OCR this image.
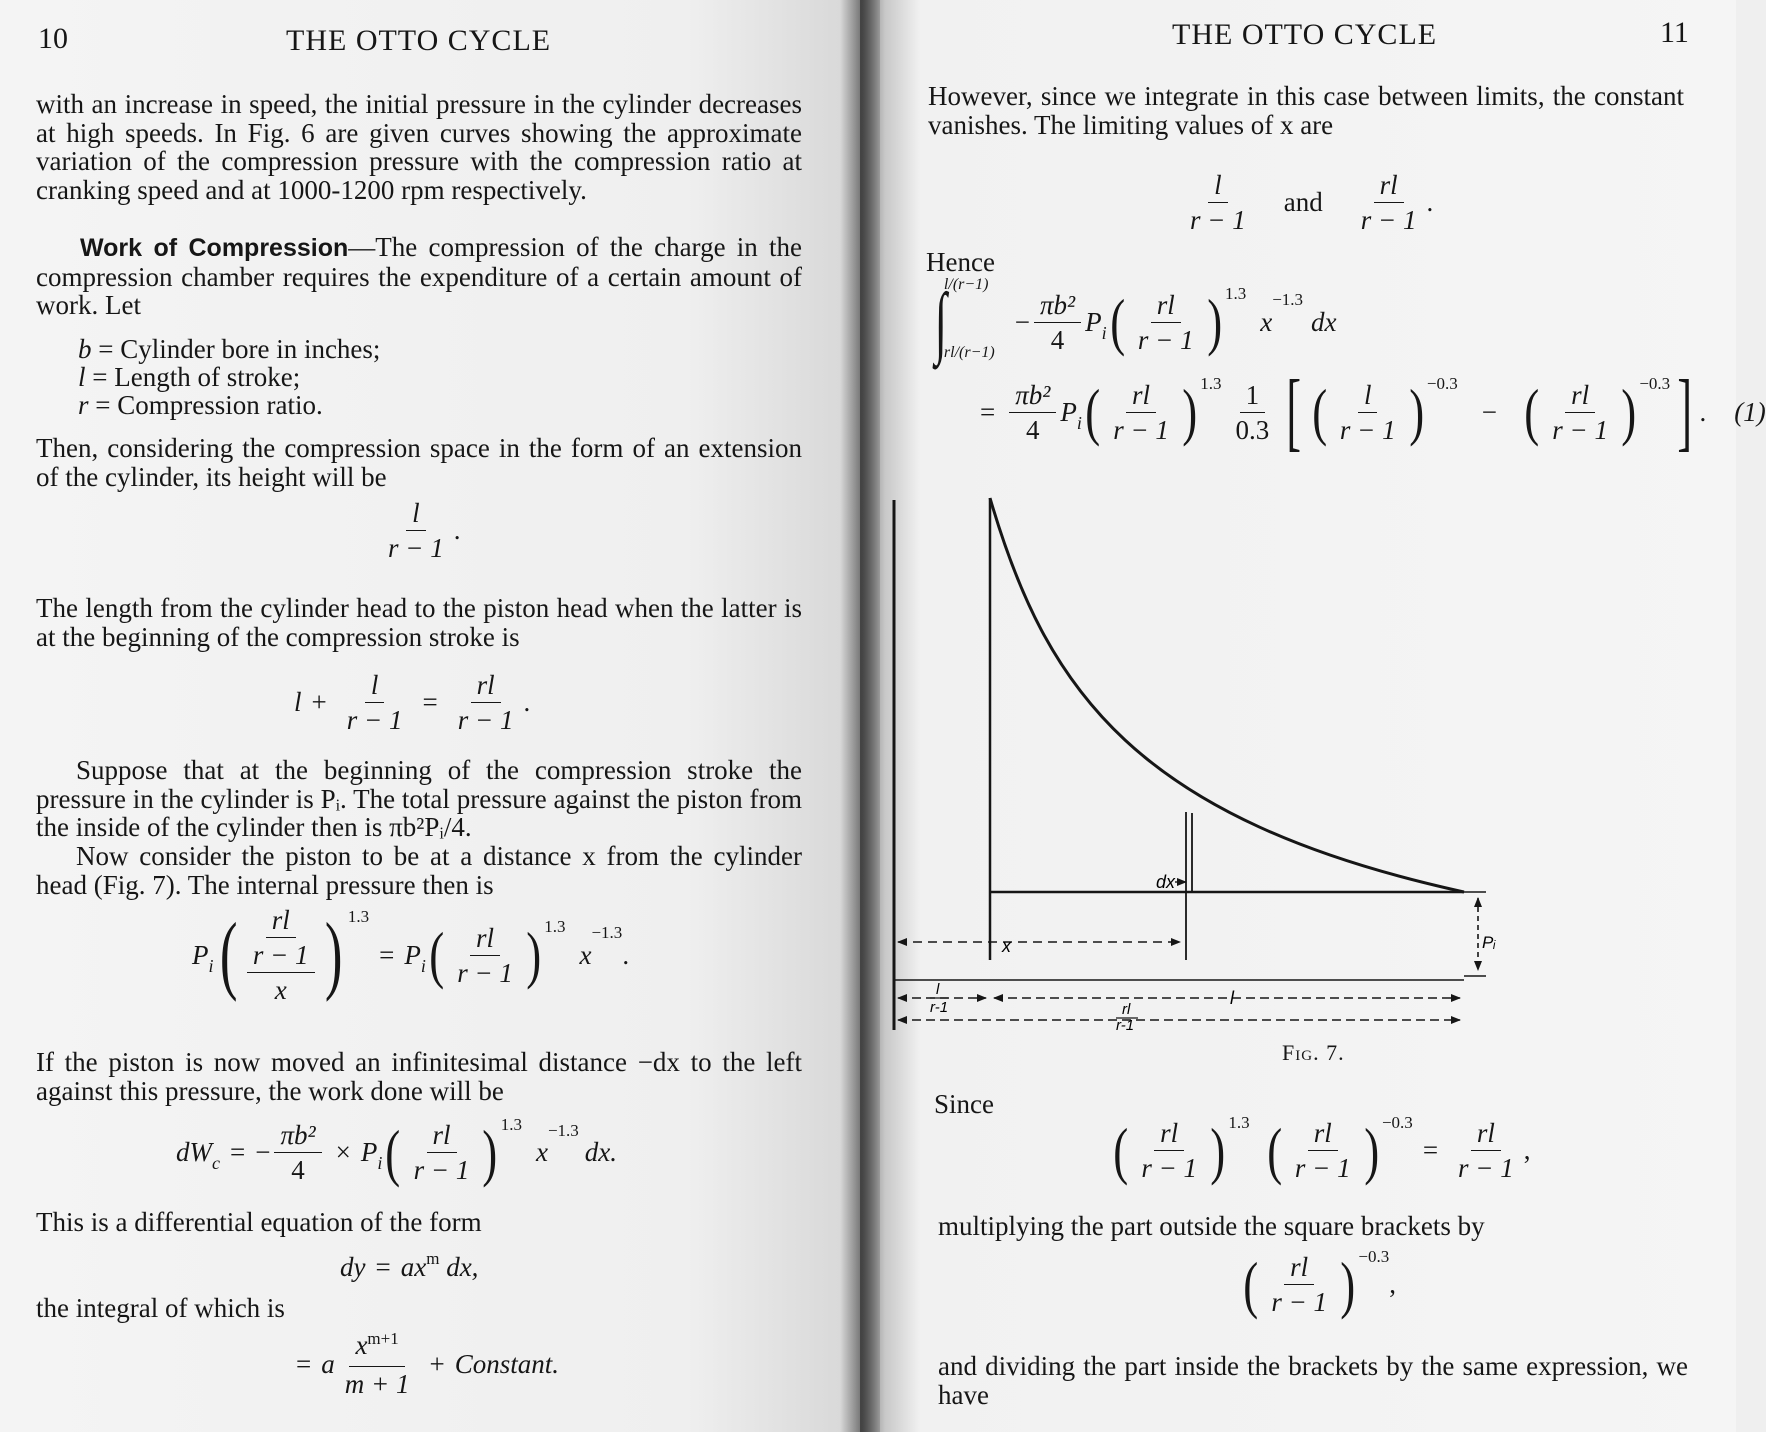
10	THE OTTO CYCLE

with an increase in speed, the initial pressure in the cylinder decreases at high speeds. In Fig. 6 are given curves showing the approximate variation of the compression pressure with the compression ratio at cranking speed and at 1000-1200 rpm respectively.

Work of Compression—The compression of the charge in the compression chamber requires the expenditure of a certain amount of work. Let

b = Cylinder bore in inches;
l = Length of stroke;
r = Compression ratio.

Then, considering the compression space in the form of an extension of the cylinder, its height will be

$\frac{l}{r - 1}$ .

The length from the cylinder head to the piston head when the latter is at the beginning of the compression stroke is

$l + \frac{l}{r - 1} = \frac{rl}{r - 1}$ .

Suppose that at the beginning of the compression stroke the pressure in the cylinder is Pᵢ. The total pressure against the piston from the inside of the cylinder then is πb²Pᵢ/4.

Now consider the piston to be at a distance x from the cylinder head (Fig. 7). The internal pressure then is

$P_i$ ( rl
r − 1
x ) 1.3
= $P_i$ ( $\frac{rl}{r - 1}$ ) 1.3
x
−1.3
.

If the piston is now moved an infinitesimal distance −dx to the left against this pressure, the work done will be

$dW_c$ = − $\frac{\text{πb²}}{4} \times P_i$ ( $\frac{rl}{r - 1}$ ) 1.3
x
−1.3
dx.

This is a differential equation of the form

dy = $ax^m$ dx,

the integral of which is

= a $\frac{x^{m+1}}{m + 1}$ + Constant.
THE OTTO CYCLE	11

However, since we integrate in this case between limits, the constant vanishes. The limiting values of x are

$\frac{l}{r - 1}$ and $\frac{rl}{r - 1}$ .
Hence
∫
l/(r−1)
rl/(r−1)
− $\frac{\text{πb²}}{4} P_i$ ( $\frac{rl}{r - 1}$ ) 1.3
x
−1.3
dx
= $\frac{\text{πb²}}{4} P_i$ ( $\frac{rl}{r - 1}$ ) $1.3 \frac{1}{0.3}$ [ ( $\frac{l}{r - 1}$ ) −0.3
− ( $\frac{rl}{r - 1}$ ) −0.3 ] . (1)
dx
Pᵢ
x
l
l
r-1	rl
r-1
Fig. 7.
Since
( $\frac{rl}{r - 1}$ ) 1.3 ( $\frac{rl}{r - 1}$ ) −0.3
= $\frac{rl}{r - 1}$ ,

multiplying the part outside the square brackets by

( $\frac{rl}{r - 1}$ ) −0.3
,

and dividing the part inside the brackets by the same expression, we have
